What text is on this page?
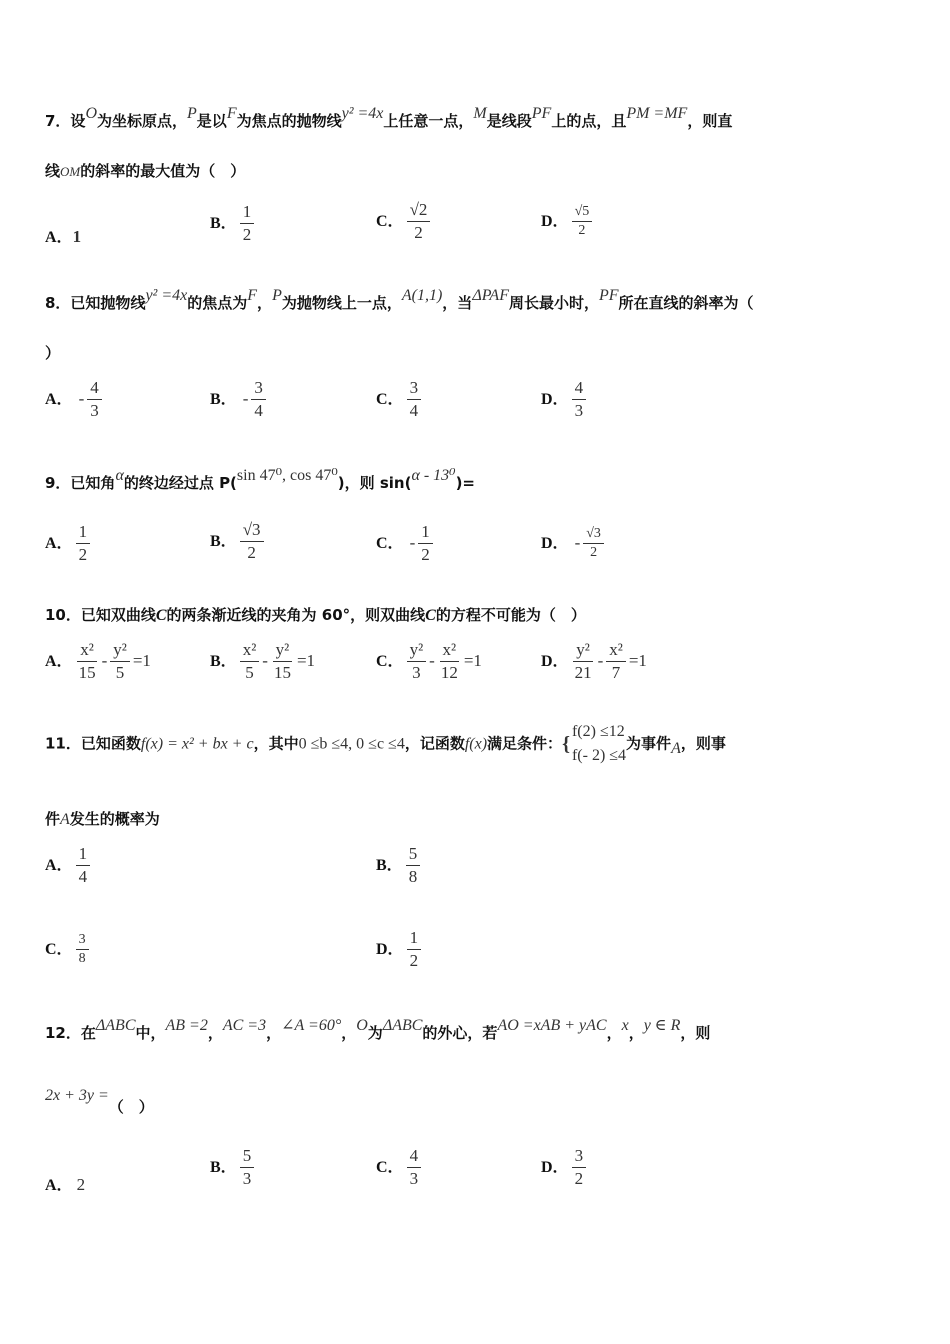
7．设O为坐标原点，P是以F为焦点的抛物线y² =4x上任意一点，M是线段PF上的点，且PM =MF，则直
线OM的斜率的最大值为（　）
A．1
B． $\frac{1}{2}$	C． $\frac{√2}{2}$	D． $\frac{√5}{2}$
8．已知抛物线y² =4x的焦点为F，P为抛物线上一点，A(1,1)，当ΔPAF周长最小时，PF所在直线的斜率为（
）
A． - $\frac{4}{3}$	B． - $\frac{3}{4}$	C． $\frac{3}{4}$	D． $\frac{4}{3}$
9．已知角α的终边经过点 P(sin 47⁰, cos 47⁰)，则 sin(α - 13⁰)=
A． $\frac{1}{2}$	B． $\frac{√3}{2}$	C． - $\frac{1}{2}$	D． - $\frac{√3}{2}$
10．已知双曲线C的两条渐近线的夹角为 60°，则双曲线C的方程不可能为（　）
A． $\frac{\text{x²}}{15} - \frac{\text{y²}}{5} =1$	B． $\frac{\text{x²}}{5} - \frac{\text{y²}}{15} =1$	C． $\frac{\text{y²}}{3} - \frac{\text{x²}}{12} =1$	D． $\frac{\text{y²}}{21} - \frac{\text{x²}}{7} =1$
11．已知函数f(x) = x² + bx + c，其中0 ≤b ≤4, 0 ≤c ≤4，记函数f(x)满足条件： {
f(2) ≤12
f(- 2) ≤4
为事件A，则事
件A发生的概率为
A． $\frac{1}{4}$	B． $\frac{5}{8}$
C． $\frac{3}{8}$	D． $\frac{1}{2}$
12．在ΔABC中，AB =2，AC =3，∠A =60°，O为ΔABC的外心，若AO =xAB + yAC，x，y ∈ R，则
2x + 3y =（　）
A． 2
B． $\frac{5}{3}$	C． $\frac{4}{3}$	D． $\frac{3}{2}$
